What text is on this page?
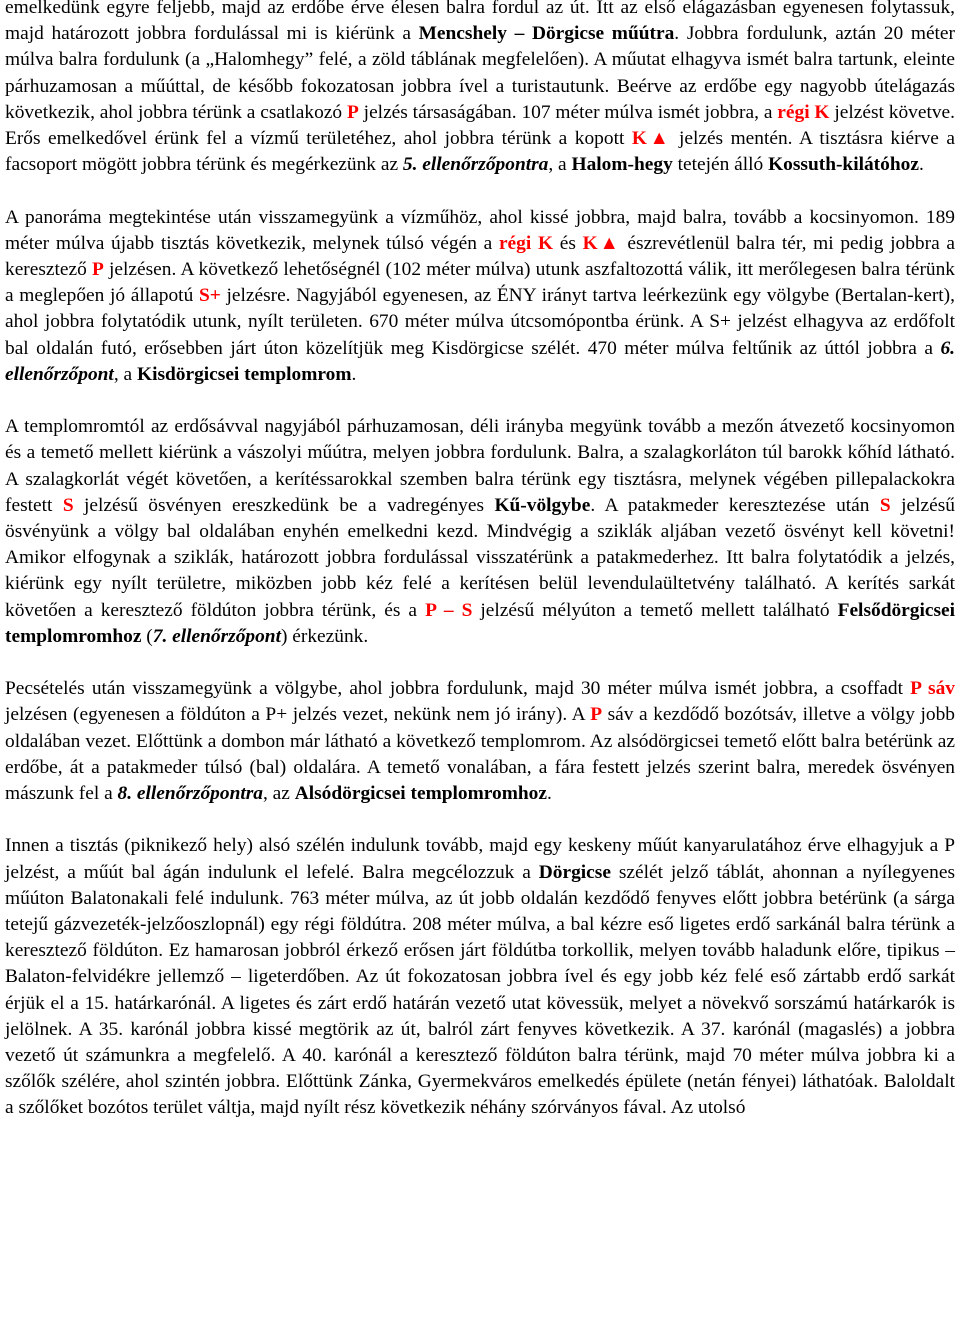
emelkedünk egyre feljebb, majd az erdőbe érve élesen balra fordul az út. Itt az első elágazásban egyenesen folytassuk, majd határozott jobbra fordulással mi is kiérünk a Mencshely – Dörgicse műútra. Jobbra fordulunk, aztán 20 méter múlva balra fordulunk (a „Halomhegy” felé, a zöld táblának megfelelően). A műutat elhagyva ismét balra tartunk, eleinte párhuzamosan a műúttal, de később fokozatosan jobbra ível a turistautunk. Beérve az erdőbe egy nagyobb útelágazás következik, ahol jobbra térünk a csatlakozó P jelzés társaságában. 107 méter múlva ismét jobbra, a régi K jelzést követve. Erős emelkedővel érünk fel a vízmű területéhez, ahol jobbra térünk a kopott K▲ jelzés mentén. A tisztásra kiérve a facsoport mögött jobbra térünk és megérkezünk az 5. ellenőrzőpontra, a Halom-hegy tetején álló Kossuth-kilátóhoz.

A panoráma megtekintése után visszamegyünk a vízműhöz, ahol kissé jobbra, majd balra, tovább a kocsinyomon. 189 méter múlva újabb tisztás következik, melynek túlsó végén a régi K és K▲ észrevétlenül balra tér, mi pedig jobbra a keresztező P jelzésen. A következő lehetőségnél (102 méter múlva) utunk aszfaltozottá válik, itt merőlegesen balra térünk a meglepően jó állapotú S+ jelzésre. Nagyjából egyenesen, az ÉNY irányt tartva leérkezünk egy völgybe (Bertalan-kert), ahol jobbra folytatódik utunk, nyílt területen. 670 méter múlva útcsomópontba érünk. A S+ jelzést elhagyva az erdőfolt bal oldalán futó, erősebben járt úton közelítjük meg Kisdörgicse szélét. 470 méter múlva feltűnik az úttól jobbra a 6. ellenőrzőpont, a Kisdörgicsei templomrom.

A templomromtól az erdősávval nagyjából párhuzamosan, déli irányba megyünk tovább a mezőn átvezető kocsinyomon és a temető mellett kiérünk a vászolyi műútra, melyen jobbra fordulunk. Balra, a szalagkorláton túl barokk kőhíd látható. A szalagkorlát végét követően, a kerítéssarokkal szemben balra térünk egy tisztásra, melynek végében pillepalackokra festett S jelzésű ösvényen ereszkedünk be a vadregényes Kű-völgybe. A patakmeder keresztezése után S jelzésű ösvényünk a völgy bal oldalában enyhén emelkedni kezd. Mindvégig a sziklák aljában vezető ösvényt kell követni! Amikor elfogynak a sziklák, határozott jobbra fordulással visszatérünk a patakmederhez. Itt balra folytatódik a jelzés, kiérünk egy nyílt területre, miközben jobb kéz felé a kerítésen belül levendulaültetvény található. A kerítés sarkát követően a keresztező földúton jobbra térünk, és a P – S jelzésű mélyúton a temető mellett található Felsődörgicsei templomromhoz (7. ellenőrzőpont) érkezünk.

Pecsételés után visszamegyünk a völgybe, ahol jobbra fordulunk, majd 30 méter múlva ismét jobbra, a csoffadt P sáv jelzésen (egyenesen a földúton a P+ jelzés vezet, nekünk nem jó irány). A P sáv a kezdődő bozótsáv, illetve a völgy jobb oldalában vezet. Előttünk a dombon már látható a következő templomrom. Az alsódörgicsei temető előtt balra betérünk az erdőbe, át a patakmeder túlsó (bal) oldalára. A temető vonalában, a fára festett jelzés szerint balra, meredek ösvényen mászunk fel a 8. ellenőrzőpontra, az Alsódörgicsei templomromhoz.

Innen a tisztás (piknikező hely) alsó szélén indulunk tovább, majd egy keskeny műút kanyarulatához érve elhagyjuk a P jelzést, a műút bal ágán indulunk el lefelé. Balra megcélozzuk a Dörgicse szélét jelző táblát, ahonnan a nyílegyenes műúton Balatonakali felé indulunk. 763 méter múlva, az út jobb oldalán kezdődő fenyves előtt jobbra betérünk (a sárga tetejű gázvezeték-jelzőoszlopnál) egy régi földútra. 208 méter múlva, a bal kézre eső ligetes erdő sarkánál balra térünk a keresztező földúton. Ez hamarosan jobbról érkező erősen járt földútba torkollik, melyen tovább haladunk előre, tipikus – Balaton-felvidékre jellemző – ligeterdőben. Az út fokozatosan jobbra ível és egy jobb kéz felé eső zártabb erdő sarkát érjük el a 15. határkarónál. A ligetes és zárt erdő határán vezető utat kövessük, melyet a növekvő sorszámú határkarók is jelölnek. A 35. karónál jobbra kissé megtörik az út, balról zárt fenyves következik. A 37. karónál (magaslés) a jobbra vezető út számunkra a megfelelő. A 40. karónál a keresztező földúton balra térünk, majd 70 méter múlva jobbra ki a szőlők szélére, ahol szintén jobbra. Előttünk Zánka, Gyermekváros emelkedés épülete (netán fényei) láthatóak. Baloldalt a szőlőket bozótos terület váltja, majd nyílt rész következik néhány szórványos fával. Az utolsó
